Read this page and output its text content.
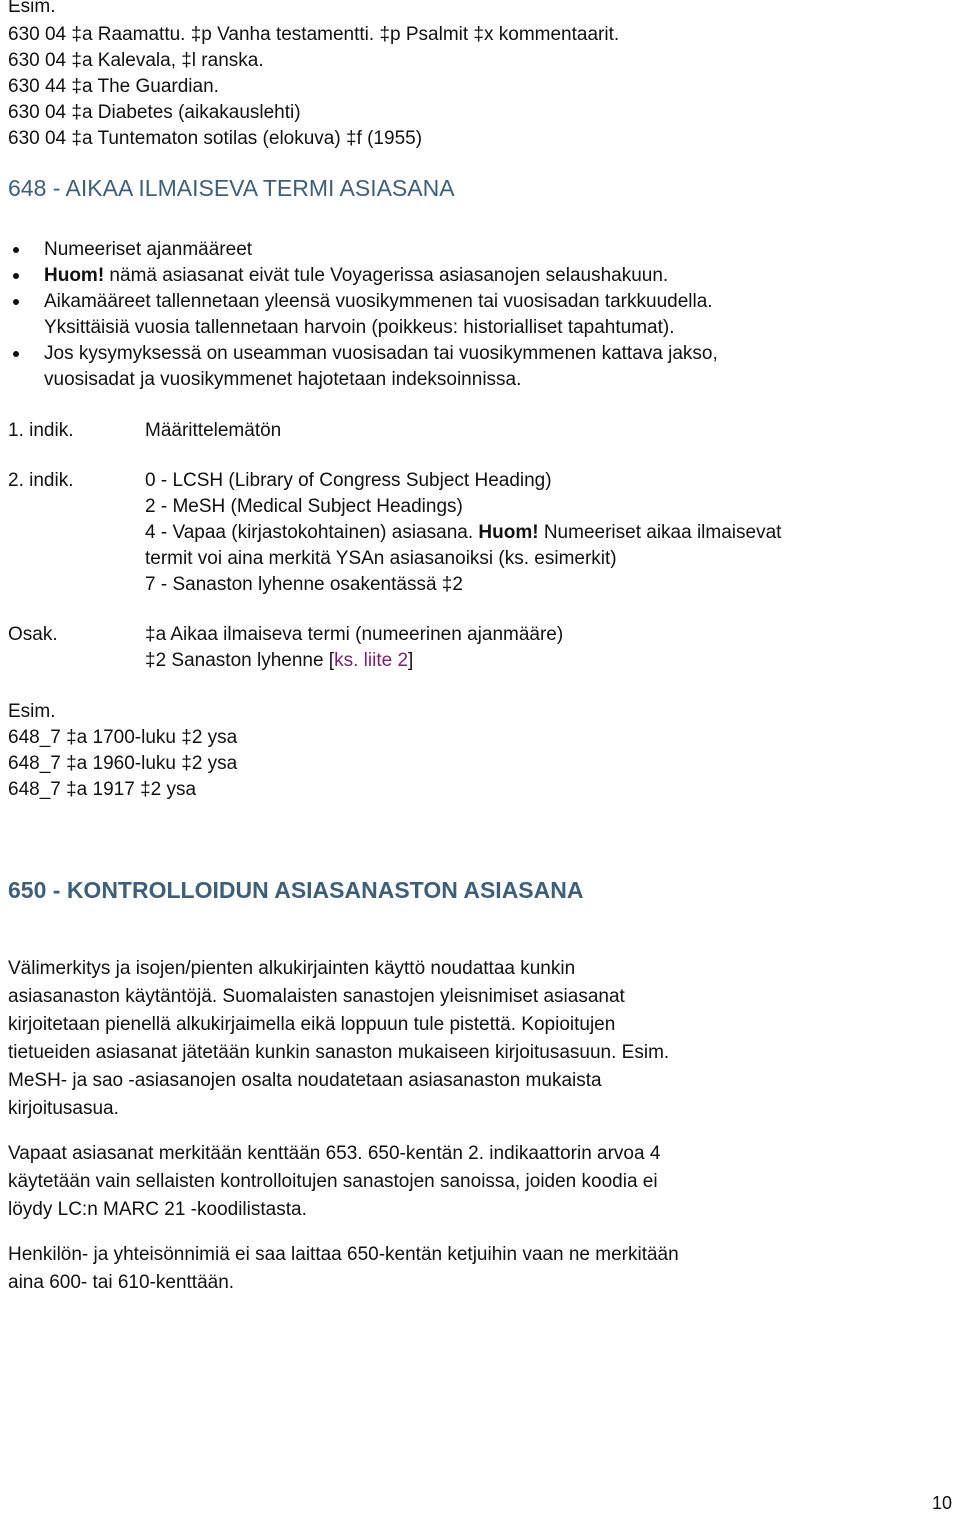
Esim.
630 04 ‡a Raamattu. ‡p Vanha testamentti. ‡p Psalmit ‡x kommentaarit.
630 04 ‡a Kalevala, ‡l ranska.
630 44 ‡a The Guardian.
630 04 ‡a Diabetes (aikakauslehti)
630 04 ‡a Tuntematon sotilas (elokuva) ‡f (1955)
648 - AIKAA ILMAISEVA TERMI ASIASANA
Numeeriset ajanmääreet
Huom! nämä asiasanat eivät tule Voyagerissa asiasanojen selaushakuun.
Aikamääreet tallennetaan yleensä vuosikymmenen tai vuosisadan tarkkuudella.
Yksittäisiä vuosia tallennetaan harvoin (poikkeus: historialliset tapahtumat).
Jos kysymyksessä on useamman vuosisadan tai vuosikymmenen kattava jakso,
vuosisadat ja vuosikymmenet hajotetaan indeksoinnissa.
1. indik.	Määrittelemätön
2. indik.	0 - LCSH (Library of Congress Subject Heading)
2 - MeSH (Medical Subject Headings)
4 - Vapaa (kirjastokohtainen) asiasana. Huom! Numeeriset aikaa ilmaisevat
termit voi aina merkitä YSAn asiasanoiksi (ks. esimerkit)
7 - Sanaston lyhenne osakentässä ‡2
Osak.	‡a Aikaa ilmaiseva termi (numeerinen ajanmääre)
‡2 Sanaston lyhenne [ks. liite 2]
Esim.
648_7 ‡a 1700-luku ‡2 ysa
648_7 ‡a 1960-luku ‡2 ysa
648_7 ‡a 1917 ‡2 ysa
650 - KONTROLLOIDUN ASIASANASTON ASIASANA
Välimerkitys ja isojen/pienten alkukirjainten käyttö noudattaa kunkin
asiasanaston käytäntöjä. Suomalaisten sanastojen yleisnimiset asiasanat
kirjoitetaan pienellä alkukirjaimella eikä loppuun tule pistettä. Kopioitujen
tietueiden asiasanat jätetään kunkin sanaston mukaiseen kirjoitusasuun. Esim.
MeSH- ja sao -asiasanojen osalta noudatetaan asiasanaston mukaista
kirjoitusasua.
Vapaat asiasanat merkitään kenttään 653. 650-kentän 2. indikaattorin arvoa 4
käytetään vain sellaisten kontrolloitujen sanastojen sanoissa, joiden koodia ei
löydy LC:n MARC 21 -koodilistasta.
Henkilön- ja yhteisönnimiä ei saa laittaa 650-kentän ketjuihin vaan ne merkitään
aina 600- tai 610-kenttään.
10
